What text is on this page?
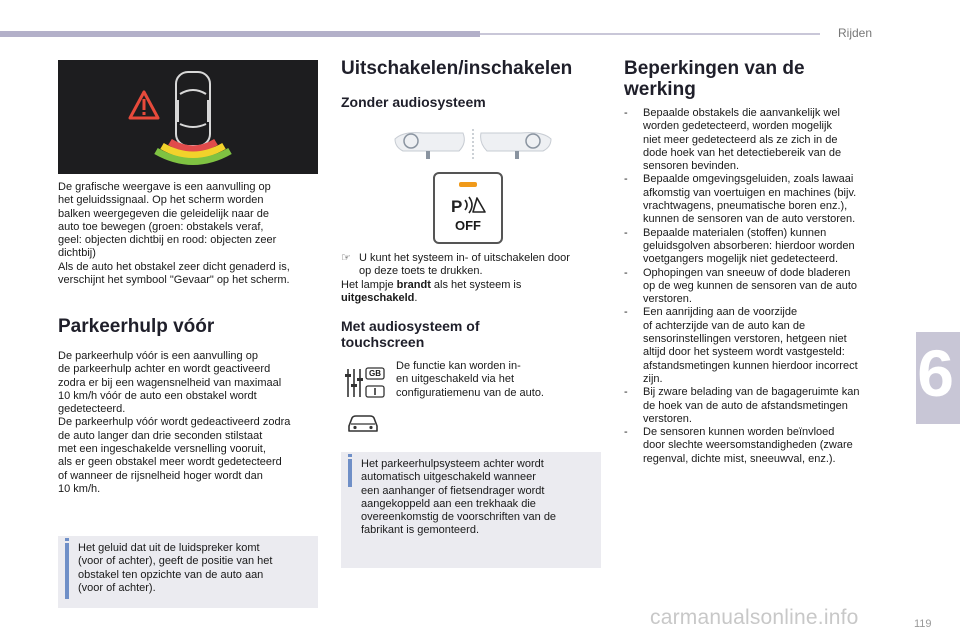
Rijden
6

De grafische weergave is een aanvulling op

het geluidssignaal. Op het scherm worden

balken weergegeven die geleidelijk naar de

auto toe bewegen (groen: obstakels veraf,

geel: objecten dichtbij en rood: objecten zeer

dichtbij)

Als de auto het obstakel zeer dicht genaderd is,

verschijnt het symbool "Gevaar" op het scherm.

Parkeerhulp vóór

De parkeerhulp vóór is een aanvulling op

de parkeerhulp achter en wordt geactiveerd

zodra er bij een wagensnelheid van maximaal

10 km/h vóór de auto een obstakel wordt

gedetecteerd.

De parkeerhulp vóór wordt gedeactiveerd zodra

de auto langer dan drie seconden stilstaat

met een ingeschakelde versnelling vooruit,

als er geen obstakel meer wordt gedetecteerd

of wanneer de rijsnelheid hoger wordt dan

10 km/h.

Het geluid dat uit de luidspreker komt

(voor of achter), geeft de positie van het

obstakel ten opzichte van de auto aan

(voor of achter).

Uitschakelen/inschakelen
Zonder audiosysteem
P
OFF

☞ U kunt het systeem in- of uitschakelen door

op deze toets te drukken.

Het lampje brandt als het systeem is

uitgeschakeld.

Met audiosysteem of
touchscreen
GB

De functie kan worden in-

en uitgeschakeld via het

configuratiemenu van de auto.

Het parkeerhulpsysteem achter wordt

automatisch uitgeschakeld wanneer

een aanhanger of fietsendrager wordt

aangekoppeld aan een trekhaak die

overeenkomstig de voorschriften van de

fabrikant is gemonteerd.

Beperkingen van de
werking
- Bepaalde obstakels die aanvankelijk wel
worden gedetecteerd, worden mogelijk
niet meer gedetecteerd als ze zich in de
dode hoek van het detectiebereik van de
sensoren bevinden.
- Bepaalde omgevingsgeluiden, zoals lawaai
afkomstig van voertuigen en machines (bijv.
vrachtwagens, pneumatische boren enz.),
kunnen de sensoren van de auto verstoren.
- Bepaalde materialen (stoffen) kunnen
geluidsgolven absorberen: hierdoor worden
voetgangers mogelijk niet gedetecteerd.
- Ophopingen van sneeuw of dode bladeren
op de weg kunnen de sensoren van de auto
verstoren.
- Een aanrijding aan de voorzijde
of achterzijde van de auto kan de
sensorinstellingen verstoren, hetgeen niet
altijd door het systeem wordt vastgesteld:
afstandsmetingen kunnen hierdoor incorrect
zijn.
- Bij zware belading van de bagageruimte kan
de hoek van de auto de afstandsmetingen
verstoren.
- De sensoren kunnen worden beïnvloed
door slechte weersomstandigheden (zware
regenval, dichte mist, sneeuwval, enz.).
carmanualsonline.info	119
